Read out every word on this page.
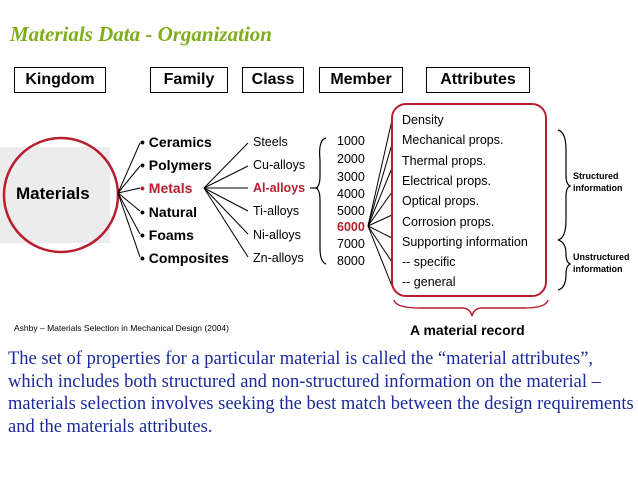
Materials Data - Organization
Kingdom	Family Class Member	Attributes
Materials
• Ceramics
• Polymers
• Metals
• Natural
• Foams
• Composites
Steels
Cu-alloys
Al-alloys
Ti-alloys
Ni-alloys
Zn-alloys
1000
2000
3000
4000
5000
6000
7000
8000
Density
Mechanical props.
Thermal props.
Electrical props.
Optical props.
Corrosion props.
Supporting information
-- specific
-- general
Structured information
Unstructured information
Ashby – Materials Selection in Mechanical Design (2004)	A material record
The set of properties for a particular material is called the “material attributes”, which includes both structured and non-structured information on the material – materials selection involves seeking the best match between the design requirements and the materials attributes.
